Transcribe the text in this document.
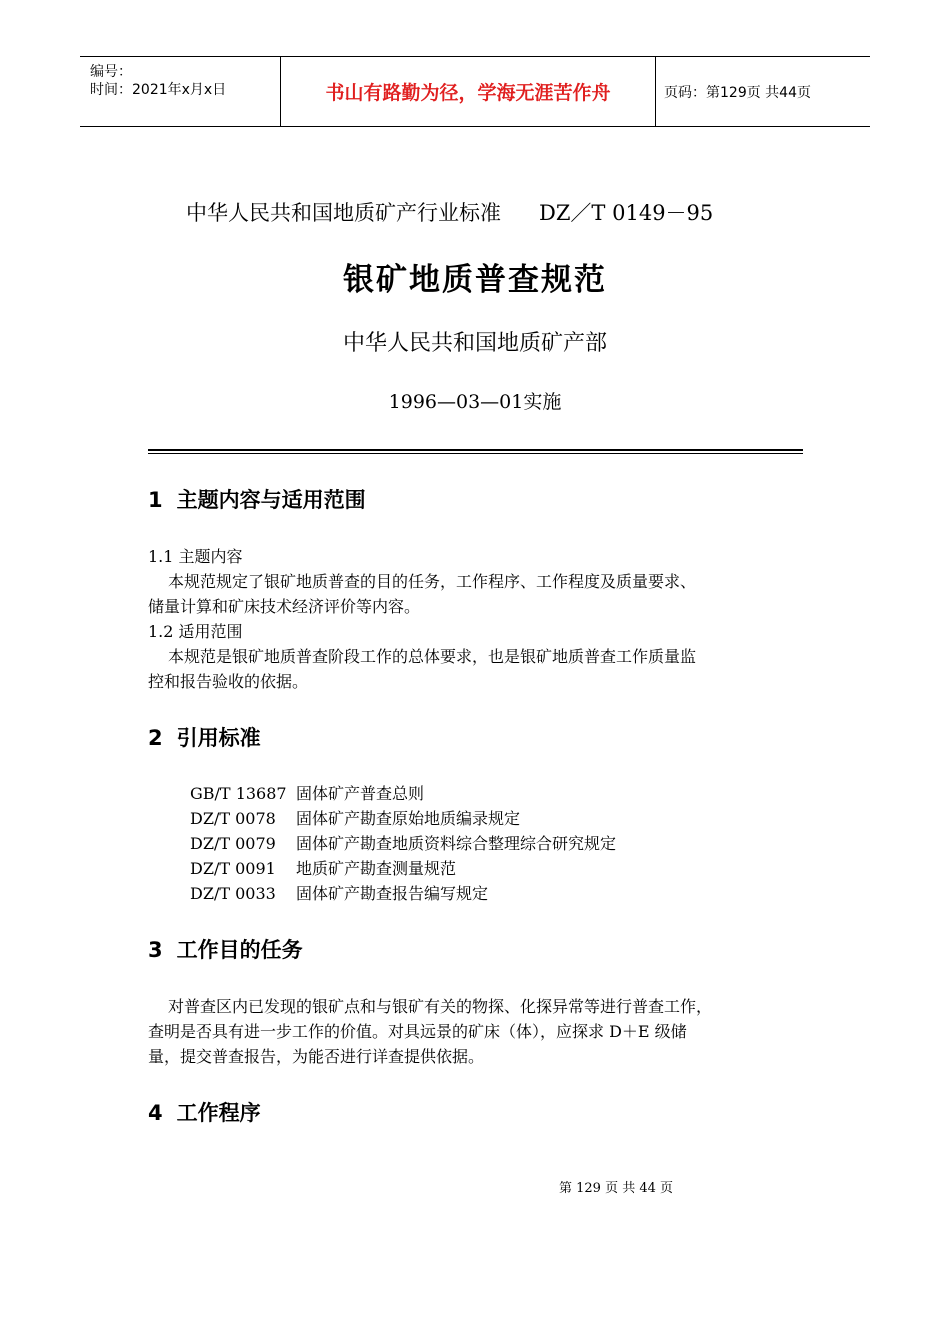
编号：
时间：2021年x月x日	书山有路勤为径，学海无涯苦作舟	页码：第129页 共44页
中华人民共和国地质矿产行业标准 DZ／T 0149－95
银矿地质普查规范
中华人民共和国地质矿产部
1996—03—01实施
1 主题内容与适用范围
1.1 主题内容
本规范规定了银矿地质普查的目的任务，工作程序、工作程度及质量要求、
储量计算和矿床技术经济评价等内容。
1.2 适用范围
本规范是银矿地质普查阶段工作的总体要求，也是银矿地质普查工作质量监
控和报告验收的依据。
2 引用标准
GB/T 13687 固体矿产普查总则
DZ/T 0078 固体矿产勘查原始地质编录规定
DZ/T 0079 固体矿产勘查地质资料综合整理综合研究规定
DZ/T 0091 地质矿产勘查测量规范
DZ/T 0033 固体矿产勘查报告编写规定
3 工作目的任务
对普查区内已发现的银矿点和与银矿有关的物探、化探异常等进行普查工作，
查明是否具有进一步工作的价值。对具远景的矿床（体），应探求 D＋E 级储
量，提交普查报告，为能否进行详查提供依据。
4 工作程序
第 129 页 共 44 页
